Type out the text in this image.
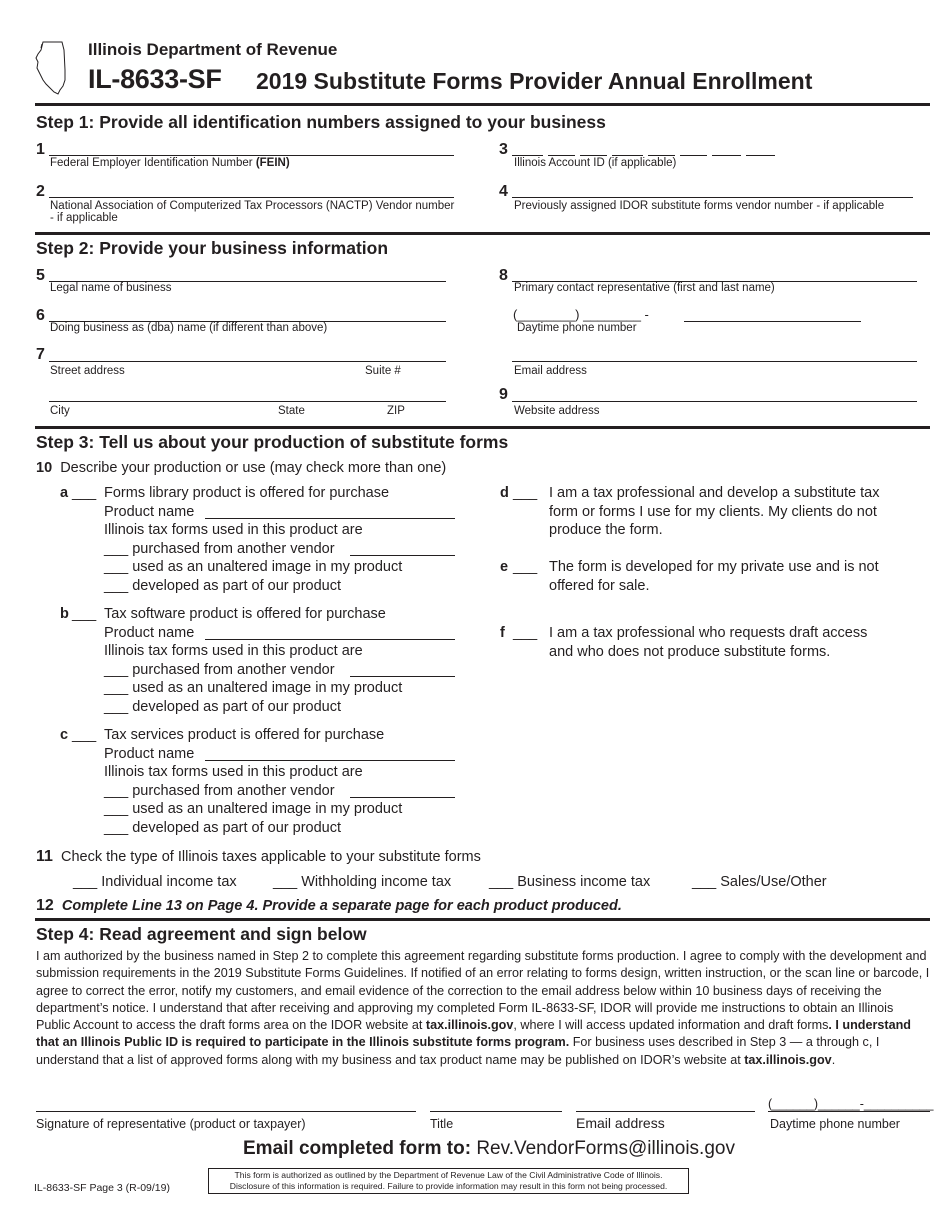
Illinois Department of Revenue
IL-8633-SF 2019 Substitute Forms Provider Annual Enrollment
Step 1: Provide all identification numbers assigned to your business
1
Federal Employer Identification Number (FEIN)
3
Illinois Account ID (if applicable)
2
National Association of Computerized Tax Processors (NACTP) Vendor number
- if applicable
4
Previously assigned IDOR substitute forms vendor number - if applicable
Step 2: Provide your business information
5
Legal name of business
6
Doing business as (dba) name (if different than above)
7
Street address	Suite #
City	State	ZIP
8
Primary contact representative (first and last name)
(________) ________ -
Daytime phone number
Email address
9
Website address
Step 3: Tell us about your production of substitute forms
10 Describe your production or use (may check more than one)
a ___ Forms library product is offered for purchase
Product name
Illinois tax forms used in this product are
___ purchased from another vendor
___ used as an unaltered image in my product
___ developed as part of our product
b ___ Tax software product is offered for purchase
Product name
Illinois tax forms used in this product are
___ purchased from another vendor
___ used as an unaltered image in my product
___ developed as part of our product
c ___ Tax services product is offered for purchase
Product name
Illinois tax forms used in this product are
___ purchased from another vendor
___ used as an unaltered image in my product
___ developed as part of our product
d ___ I am a tax professional and develop a substitute tax
form or forms I use for my clients. My clients do not
produce the form.
e ___ The form is developed for my private use and is not
offered for sale.
f ___ I am a tax professional who requests draft access
and who does not produce substitute forms.
11 Check the type of Illinois taxes applicable to your substitute forms
___ Individual income tax	___ Withholding income tax	___ Business income tax	___ Sales/Use/Other
12 Complete Line 13 on Page 4. Provide a separate page for each product produced.
Step 4: Read agreement and sign below
I am authorized by the business named in Step 2 to complete this agreement regarding substitute forms production. I agree to comply with the development and submission requirements in the 2019 Substitute Forms Guidelines. If notified of an error relating to forms design, written instruction, or the scan line or barcode, I agree to correct the error, notify my customers, and email evidence of the correction to the email address below within 10 business days of receiving the department’s notice. I understand that after receiving and approving my completed Form IL-8633-SF, IDOR will provide me instructions to obtain an Illinois Public Account to access the draft forms area on the IDOR website at tax.illinois.gov, where I will access updated information and draft forms. I understand that an Illinois Public ID is required to participate in the Illinois substitute forms program. For business uses described in Step 3 — a through c, I understand that a list of approved forms along with my business and tax product name may be published on IDOR’s website at tax.illinois.gov.
Signature of representative (product or taxpayer)	Title	Email address
(______)______-__________
Daytime phone number
Email completed form to: Rev.VendorForms@illinois.gov
IL-8633-SF Page 3 (R-09/19)
This form is authorized as outlined by the Department of Revenue Law of the Civil Administrative Code of Illinois.
Disclosure of this information is required. Failure to provide information may result in this form not being processed.
